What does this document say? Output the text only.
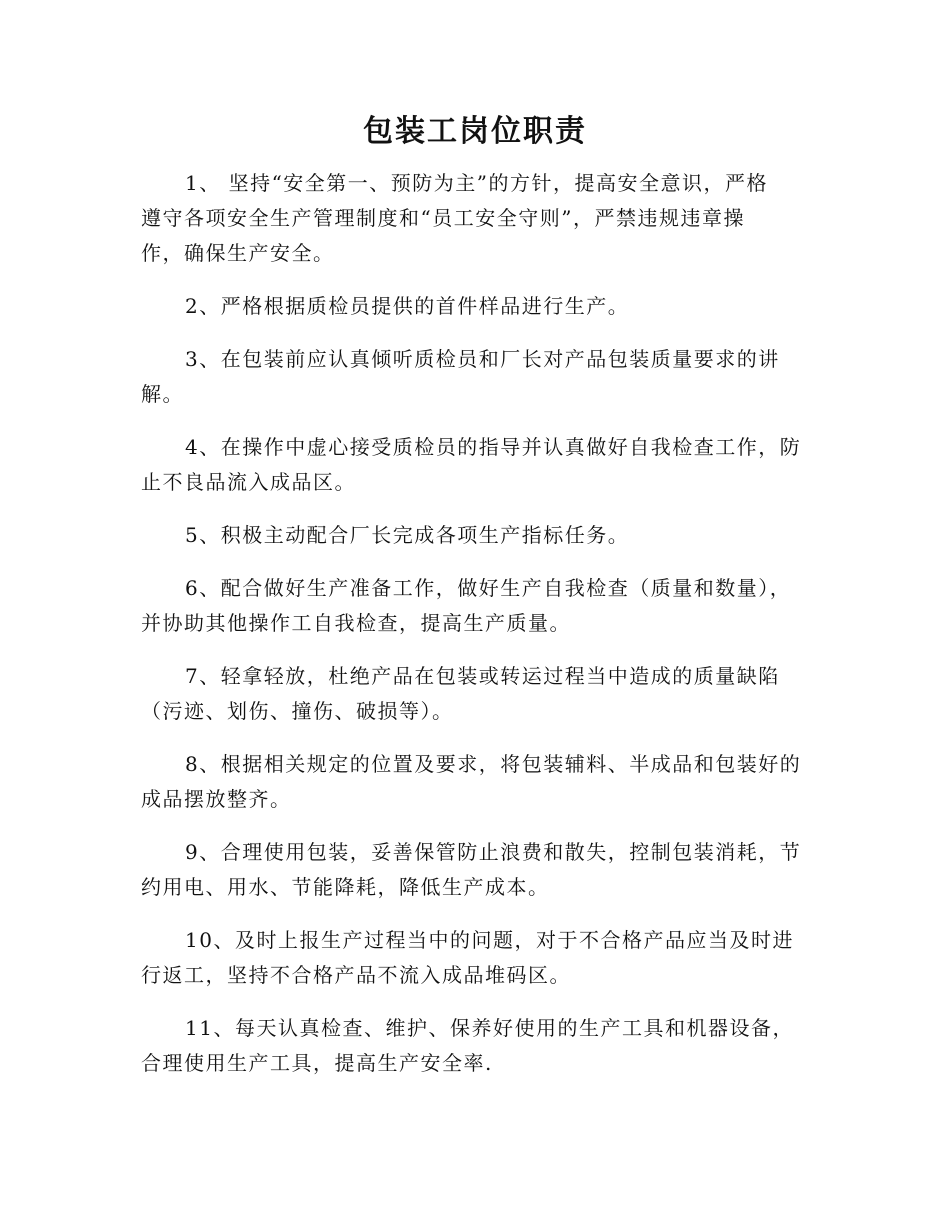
包装工岗位职责

1、 坚持“安全第一、预防为主”的方针，提高安全意识，严格
遵守各项安全生产管理制度和“员工安全守则”，严禁违规违章操
作，确保生产安全。

2、严格根据质检员提供的首件样品进行生产。

3、在包装前应认真倾听质检员和厂长对产品包装质量要求的讲
解。

4、在操作中虚心接受质检员的指导并认真做好自我检查工作，防
止不良品流入成品区。

5、积极主动配合厂长完成各项生产指标任务。

6、配合做好生产准备工作，做好生产自我检查（质量和数量），
并协助其他操作工自我检查，提高生产质量。

7、轻拿轻放，杜绝产品在包装或转运过程当中造成的质量缺陷
（污迹、划伤、撞伤、破损等）。

8、根据相关规定的位置及要求，将包装辅料、半成品和包装好的
成品摆放整齐。

9、合理使用包装，妥善保管防止浪费和散失，控制包装消耗，节
约用电、用水、节能降耗，降低生产成本。

10、及时上报生产过程当中的问题，对于不合格产品应当及时进
行返工，坚持不合格产品不流入成品堆码区。

11、每天认真检查、维护、保养好使用的生产工具和机器设备，
合理使用生产工具，提高生产安全率.
